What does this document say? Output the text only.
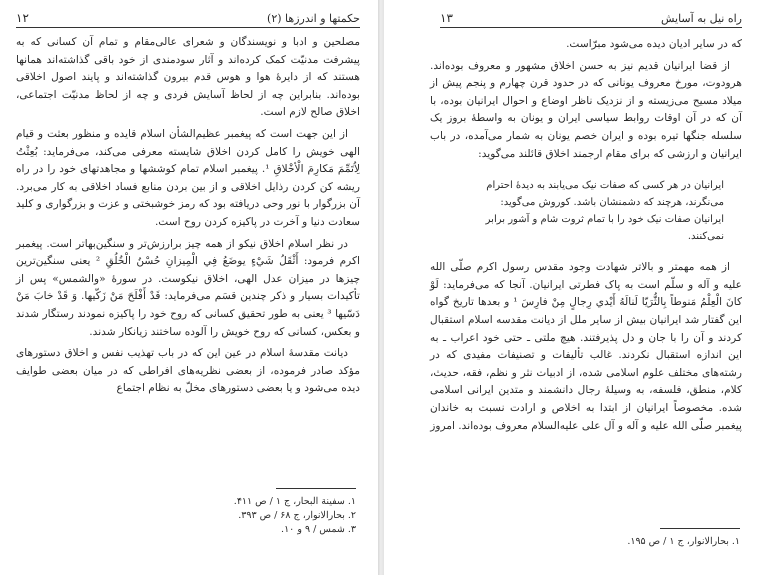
حکمتها و اندرزها (٢)
١٢

مصلحین و ادبا و نویسندگان و شعرای عالی‌مقام و تمام آن کسانی که به پیشرفت مدنیّت کمک کرده‌اند و آثار سودمندی از خود باقی گذاشته‌اند همانها هستند که از دایرهٔ هوا و هوس قدم بیرون گذاشته‌اند و پایند اصول اخلاقی بوده‌اند. بنابراین چه از لحاظ آسایش فردی و چه از لحاظ مدنیّت اجتماعی، اخلاق صالح لازم است.

از این جهت است که پیغمبر عظیم‌الشأن اسلام قایده و منظور بعثت و قیام الهی خویش را کامل کردن اخلاق شایسته معرفی می‌کند، می‌فرماید: بُعِثْتُ لِاُتَمِّمَ مَكارِمَ الْأخْلاقِ ¹. پیغمبر اسلام تمام کوششها و مجاهدتهای خود را در راه ریشه کن کردن رذایل اخلاقی و از بین بردن منابع فساد اخلاقی به کار می‌برد. آن بزرگوار با نور وحی دریافته بود که رمز خوشبختی و عزت و بزرگواری و کلید سعادت دنیا و آخرت در پاکیزه کردن روح است.

در نظر اسلام اخلاق نیکو از همه چیز برارزش‌تر و سنگین‌بهاتر است. پیغمبر اکرم فرمود: أَثْقَلُ شَيْءٍ يوضَعُ فِي الْمِيزانِ حُسْنُ الْخُلُقِ ² یعنی سنگین‌ترین چیزها در میزان عدل الهی، اخلاق نیکوست. در سورهٔ «والشمس» پس از تأکیدات بسیار و ذکر چندین قسَم می‌فرماید: قَدْ أَفْلَحَ مَنْ زَكّيها. وَ قَدْ خابَ مَنْ دَسّيها ³ یعنی به طور تحقیق کسانی که روح خود را پاکیزه نمودند رستگار شدند و بعکس، کسانی که روح خویش را آلوده ساختند زیانکار شدند.

دیانت مقدسهٔ اسلام در عین این که در باب تهذیب نفس و اخلاق دستورهای مؤکد صادر فرموده، از بعضی نظریه‌های افراطی که در میان بعضی طوایف دیده می‌شود و یا بعضی دستورهای مخلّ به نظام اجتماع

١. سفینة البحار، ج ١ / ص ۴١١.
٢. بحارالانوار، ج ۶٨ / ص ٣٩٣.
٣. شمس / ٩ و ١٠.
راه نیل به آسایش
١٣

که در سایر ادیان دیده می‌شود مبرّاست.

از قضا ایرانیان قدیم نیز به حسن اخلاق مشهور و معروف بوده‌اند. هرودوت، مورخ معروف یونانی که در حدود قرن چهارم و پنجم پیش از میلاد مسیح می‌زیسته و از نزدیک ناظر اوضاع و احوال ایرانیان بوده، با آن که در آن اوقات روابط سیاسی ایران و یونان به واسطهٔ بروز یک سلسله جنگها تیره بوده و ایران خصم یونان به شمار می‌آمده، در باب ایرانیان و ارزشی که برای مقام ارجمند اخلاق قائلند می‌گوید:

ایرانیان در هر کسی که صفات نیک می‌یابند به دیدهٔ احترام
می‌نگرند، هرچند که دشمنشان باشد. کوروش می‌گوید:
ایرانیان صفات نیک خود را با تمام ثروت شام و آشور برابر
نمی‌کنند.

از همه مهمتر و بالاتر شهادت وجود مقدس رسول اکرم صلّی الله علیه و آله و سلّم است به پاک فطرتی ایرانیان. آنجا که می‌فرماید: لَوْ كانَ الْعِلْمُ مَنوطاً بِالثُّرَيّا لَنالَهُ أَيْدي رِجالٍ مِنْ فارِسَ ¹ و بعدها تاریخ گواه این گفتار شد ایرانیان بیش از سایر ملل از دیانت مقدسه اسلام استقبال کردند و آن را با جان و دل پذیرفتند. هیچ ملتی ـ حتی خود اعراب ـ به این اندازه استقبال نکردند. غالب تألیفات و تصنیفات مفیدی که در رشته‌های مختلف علوم اسلامی شده، از ادبیات نثر و نظم، فقه، حدیث، کلام، منطق، فلسفه، به وسیلهٔ رجال دانشمند و متدین ایرانی اسلامی شده. مخصوصاً ایرانیان از ابتدا به اخلاص و ارادت نسبت به خاندان پیغمبر صلّی الله علیه و آله و آل علی علیه‌السلام معروف بوده‌اند. امروز

١. بحارالانوار، ج ١ / ص ١٩۵.
